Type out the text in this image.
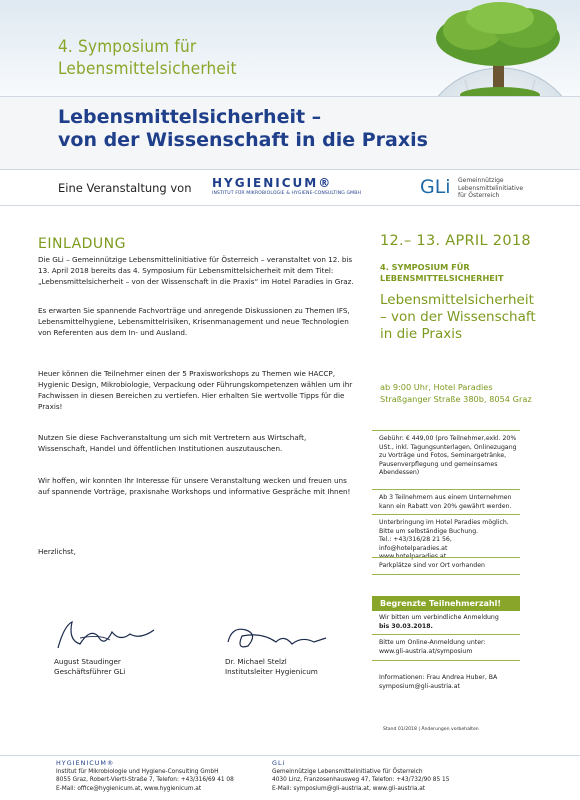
4. Symposium für
Lebensmittelsicherheit
Lebensmittelsicherheit –
von der Wissenschaft in die Praxis
Eine Veranstaltung von HYGIENICUM®
INSTITUT FÜR MIKROBIOLOGIE & HYGIENE-CONSULTING GMBH	GLi Gemeinnützige
Lebensmittelinitiative
für Österreich
EINLADUNG
Die GLi – Gemeinnützige Lebensmittelinitiative für Österreich – veranstaltet von 12. bis 13. April 2018 bereits das 4. Symposium für Lebensmittelsicherheit mit dem Titel: „Lebensmittelsicherheit – von der Wissenschaft in die Praxis“ im Hotel Paradies in Graz.
Es erwarten Sie spannende Fachvorträge und anregende Diskussionen zu Themen IFS, Lebensmittelhygiene, Lebensmittelrisiken, Krisenmanagement und neue Technologien von Referenten aus dem In- und Ausland.
Heuer können die Teilnehmer einen der 5 Praxisworkshops zu Themen wie HACCP, Hygienic Design, Mikrobiologie, Verpackung oder Führungskompetenzen wählen um ihr Fachwissen in diesen Bereichen zu vertiefen. Hier erhalten Sie wertvolle Tipps für die Praxis!
Nutzen Sie diese Fachveranstaltung um sich mit Vertretern aus Wirtschaft, Wissenschaft, Handel und öffentlichen Institutionen auszutauschen.
Wir hoffen, wir konnten Ihr Interesse für unsere Veranstaltung wecken und freuen uns auf spannende Vorträge, praxisnahe Workshops und informative Gespräche mit Ihnen!
Herzlichst,
August Staudinger
Geschäftsführer GLi
Dr. Michael Stelzl
Institutsleiter Hygienicum
12.– 13. APRIL 2018
4. SYMPOSIUM FÜR
LEBENSMITTELSICHERHEIT
Lebensmittelsicherheit
– von der Wissenschaft
in die Praxis
ab 9:00 Uhr, Hotel Paradies
Straßganger Straße 380b, 8054 Graz
Gebühr: € 449,00 (pro Teilnehmer,exkl. 20%
USt., inkl. Tagungsunterlagen, Onlinezugang
zu Vorträge und Fotos, Seminargetränke,
Pausenverpflegung und gemeinsames
Abendessen)
Ab 3 Teilnehmern aus einem Unternehmen
kann ein Rabatt von 20% gewährt werden.
Unterbringung im Hotel Paradies möglich.
Bitte um selbständige Buchung.
Tel.: +43/316/28 21 56, info@hotelparadies.at
Parkplätze sind vor Ort vorhanden
Begrenzte Teilnehmerzahl!
Wir bitten um verbindliche Anmeldung
bis 30.03.2018.
Bitte um Online-Anmeldung unter:
www.gli-austria.at/symposium
Informationen: Frau Andrea Huber, BA
symposium@gli-austria.at
Stand 01/2018 | Änderungen vorbehalten
HYGIENICUM®
Institut für Mikrobiologie und Hygiene-Consulting GmbH
8055 Graz, Robert-Viertl-Straße 7, Telefon: +43/316/69 41 08
E-Mail: office@hygienicum.at, www.hygienicum.at
GLi
Gemeinnützige Lebensmittelinitiative für Österreich
4030 Linz, Franzosenhausweg 47, Telefon: +43/732/90 85 15
E-Mail: symposium@gli-austria.at, www.gli-austria.at
